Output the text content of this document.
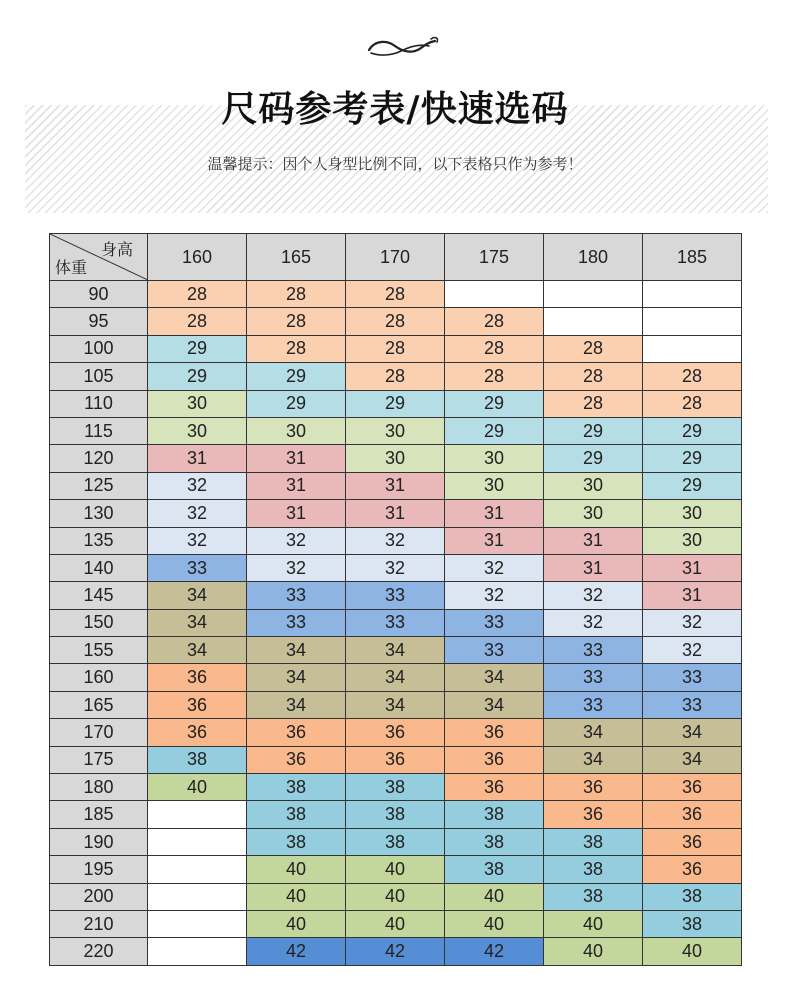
尺码参考表/快速选码
温馨提示：因个人身型比例不同，以下表格只作为参考！
身高
体重	160	165	170	175	180	185
90	28	28	28			
95	28	28	28	28		
100	29	28	28	28	28	
105	29	29	28	28	28	28
110	30	29	29	29	28	28
115	30	30	30	29	29	29
120	31	31	30	30	29	29
125	32	31	31	30	30	29
130	32	31	31	31	30	30
135	32	32	32	31	31	30
140	33	32	32	32	31	31
145	34	33	33	32	32	31
150	34	33	33	33	32	32
155	34	34	34	33	33	32
160	36	34	34	34	33	33
165	36	34	34	34	33	33
170	36	36	36	36	34	34
175	38	36	36	36	34	34
180	40	38	38	36	36	36
185		38	38	38	36	36
190		38	38	38	38	36
195		40	40	38	38	36
200		40	40	40	38	38
210		40	40	40	40	38
220		42	42	42	40	40
